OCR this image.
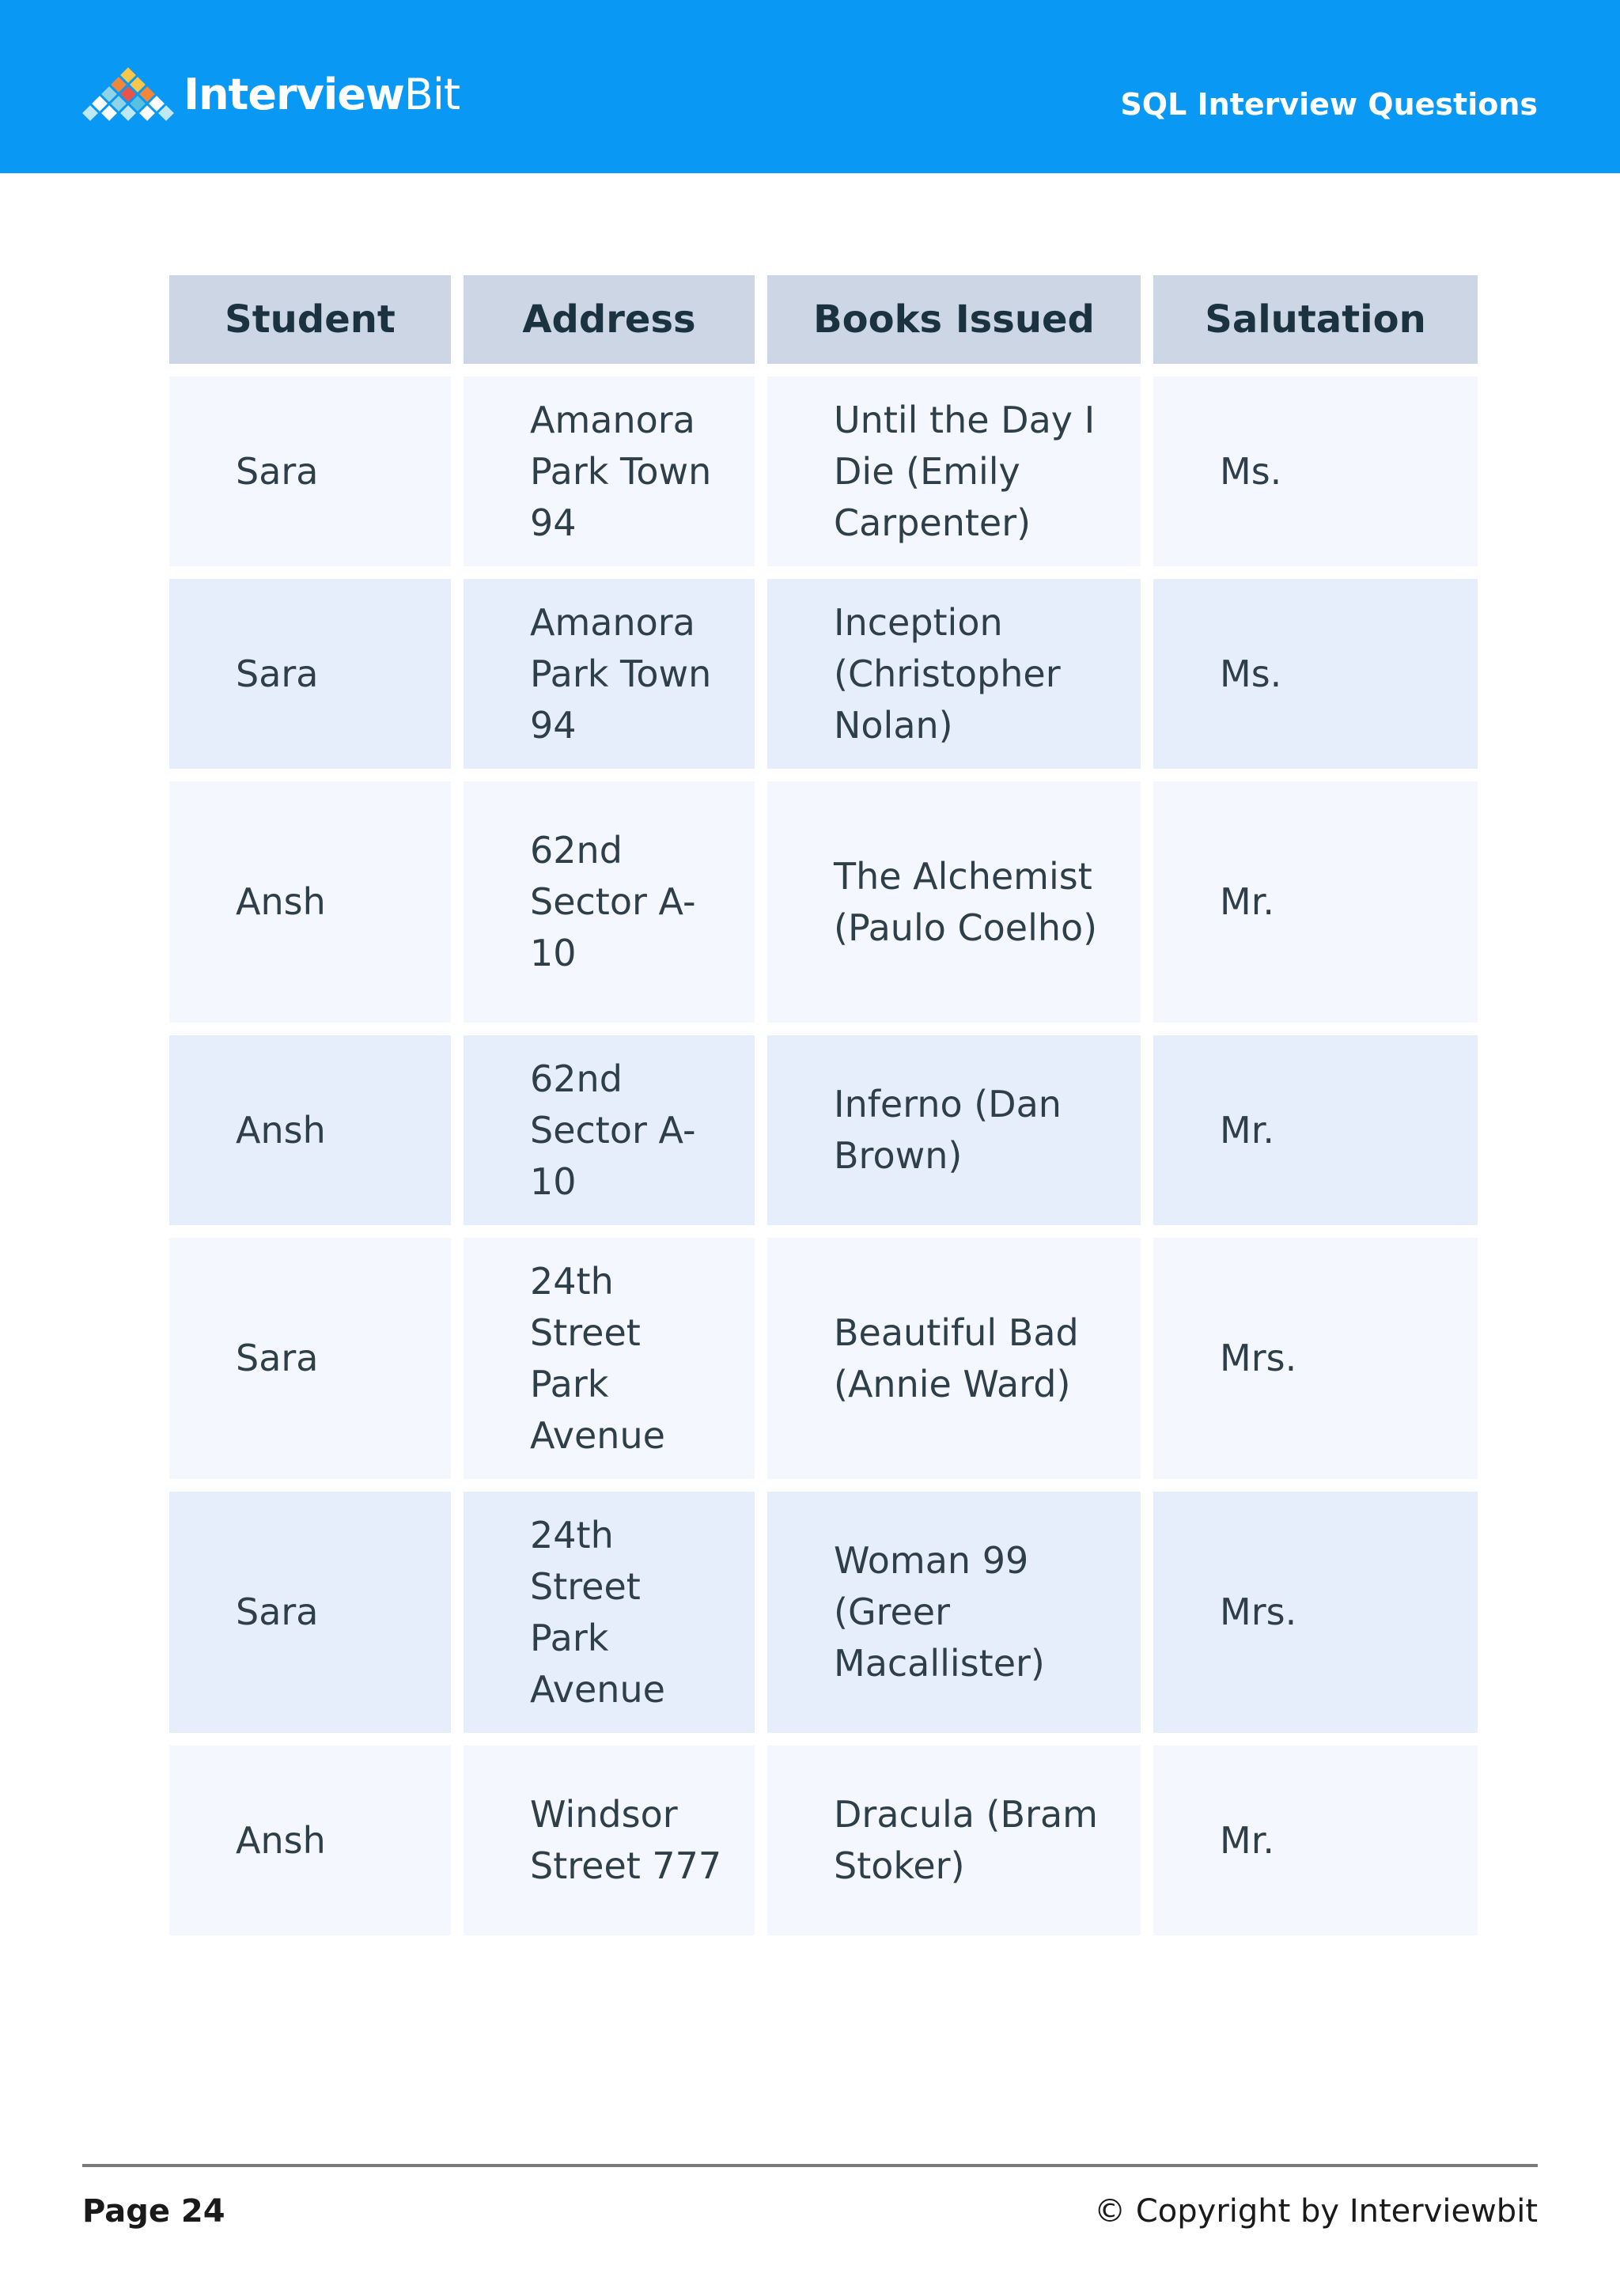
InterviewBit	SQL Interview Questions
Student	Address	Books Issued	Salutation
Sara	Amanora Park Town 94	Until the Day I Die (Emily Carpenter)	Ms.
Sara	Amanora Park Town 94	Inception (Christopher Nolan)	Ms.
Ansh	62nd Sector A-10	The Alchemist (Paulo Coelho)	Mr.
Ansh	62nd Sector A-10	Inferno (Dan Brown)	Mr.
Sara	24th Street Park Avenue	Beautiful Bad (Annie Ward)	Mrs.
Sara	24th Street Park Avenue	Woman 99 (Greer Macallister)	Mrs.
Ansh	Windsor Street 777	Dracula (Bram Stoker)	Mr.
Page 24	© Copyright by Interviewbit
